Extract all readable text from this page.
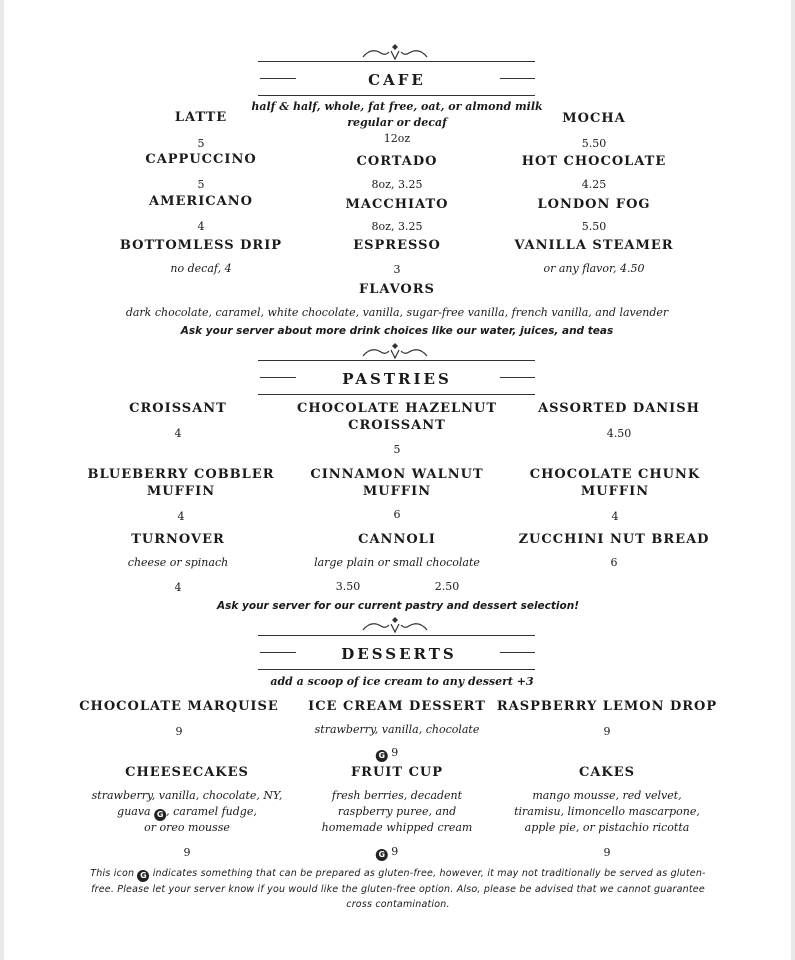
CAFE
half & half, whole, fat free, oat, or almond milk
regular or decaf
12oz
LATTE
5
MOCHA
5.50
CAPPUCCINO
5
CORTADO
8oz, 3.25
HOT CHOCOLATE
4.25
AMERICANO
4
MACCHIATO
8oz, 3.25
LONDON FOG
5.50
BOTTOMLESS DRIP
no decaf, 4
ESPRESSO
3
VANILLA STEAMER
or any flavor, 4.50
FLAVORS
dark chocolate, caramel, white chocolate, vanilla, sugar-free vanilla, french vanilla, and lavender
Ask your server about more drink choices like our water, juices, and teas
PASTRIES
CROISSANT
4
CHOCOLATE HAZELNUT CROISSANT
5
ASSORTED DANISH
4.50
BLUEBERRY COBBLER MUFFIN
4
CINNAMON WALNUT MUFFIN
6
CHOCOLATE CHUNK MUFFIN
4
TURNOVER
cheese or spinach
4
CANNOLI
large plain or small chocolate
3.50	2.50
ZUCCHINI NUT BREAD
6
Ask your server for our current pastry and dessert selection!
DESSERTS
add a scoop of ice cream to any dessert +3
CHOCOLATE MARQUISE
9
ICE CREAM DESSERT
strawberry, vanilla, chocolate
G 9
RASPBERRY LEMON DROP
9
CHEESECAKES
strawberry, vanilla, chocolate, NY,
guava G , caramel fudge,
or oreo mousse
9
FRUIT CUP
fresh berries, decadent
raspberry puree, and
homemade whipped cream
G 9
CAKES
mango mousse, red velvet,
tiramisu, limoncello mascarpone,
apple pie, or pistachio ricotta
9
This icon G indicates something that can be prepared as gluten-free, however, it may not traditionally be served as gluten-free. Please let your server know if you would like the gluten-free option. Also, please be advised that we cannot guarantee cross contamination.
